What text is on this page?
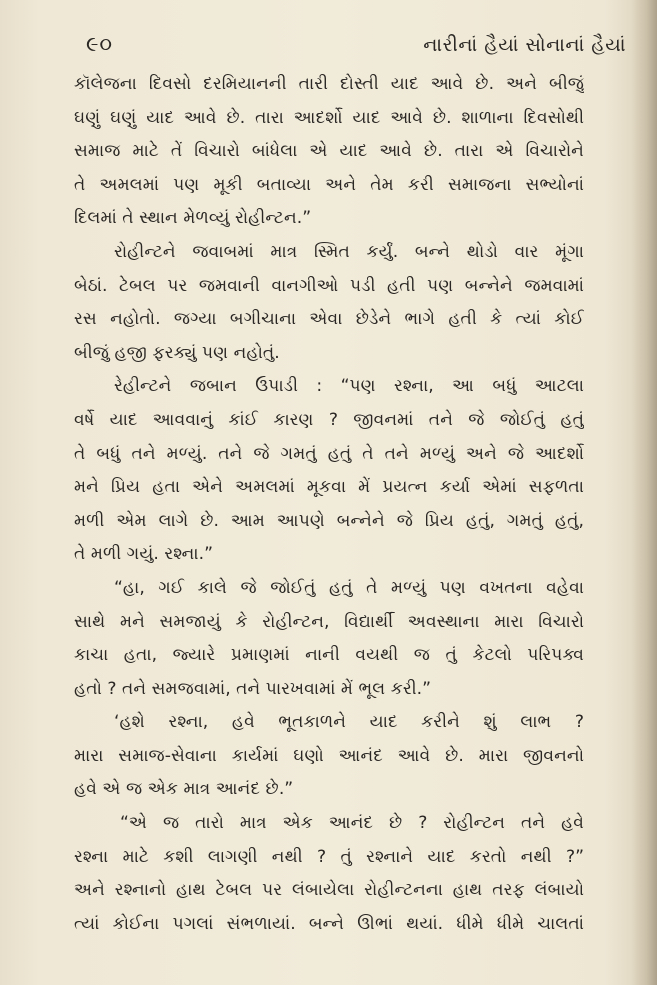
૯૦	નારીનાં હૈયાં સોનાનાં હૈયાં
કૉલેજના દિવસો દરમિયાનની તારી દોસ્તી યાદ આવે છે. અને બીજું
ઘણું ઘણું યાદ આવે છે. તારા આદર્શો યાદ આવે છે. શાળાના દિવસોથી
સમાજ માટે તેં વિચારો બાંધેલા એ યાદ આવે છે. તારા એ વિચારોને
તે અમલમાં પણ મૂકી બતાવ્યા અને તેમ કરી સમાજના સભ્યોનાં
દિલમાં તે સ્થાન મેળવ્યું રોહીન્ટન.”
રોહીન્ટને જવાબમાં માત્ર સ્મિત કર્યું. બન્ને થોડો વાર મૂંગા
બેઠાં. ટેબલ પર જમવાની વાનગીઓ પડી હતી પણ બન્નેને જમવામાં
રસ નહોતો. જગ્યા બગીચાના એવા છેડેને ભાગે હતી કે ત્યાં કોઈ
બીજું હજી ફરક્યું પણ નહોતું.
રેહીન્ટને જબાન ઉપાડી : “પણ રશ્ના, આ બધું આટલા
વર્ષે યાદ આવવાનું કાંઈ કારણ ? જીવનમાં તને જે જોઈતું હતું
તે બધું તને મળ્યું. તને જે ગમતું હતું તે તને મળ્યું અને જે આદર્શો
મને પ્રિય હતા એને અમલમાં મૂકવા મેં પ્રયત્ન કર્યા એમાં સફળતા
મળી એમ લાગે છે. આમ આપણે બન્નેને જે પ્રિય હતું, ગમતું હતું,
તે મળી ગયું. રશ્ના.”
“હા, ગઈ કાલે જે જોઈતું હતું તે મળ્યું પણ વખતના વહેવા
સાથે મને સમજાયું કે રોહીન્ટન, વિદ્યાર્થી અવસ્થાના મારા વિચારો
કાચા હતા, જ્યારે પ્રમાણમાં નાની વયથી જ તું કેટલો પરિપક્વ
હતો ? તને સમજવામાં, તને પારખવામાં મેં ભૂલ કરી.”
‘હશે રશ્ના, હવે ભૂતકાળને યાદ કરીને શું લાભ ?
મારા સમાજ-સેવાના કાર્યમાં ઘણો આનંદ આવે છે. મારા જીવનનો
હવે એ જ એક માત્ર આનંદ છે.”
“એ જ તારો માત્ર એક આનંદ છે ? રોહીન્ટન તને હવે
રશ્ના માટે કશી લાગણી નથી ? તું રશ્નાને યાદ કરતો નથી ?”
અને રશ્નાનો હાથ ટેબલ પર લંબાયેલા રોહીન્ટનના હાથ તરફ લંબાયો
ત્યાં કોઈના પગલાં સંભળાયાં. બન્ને ઊભાં થયાં. ધીમે ધીમે ચાલતાં
